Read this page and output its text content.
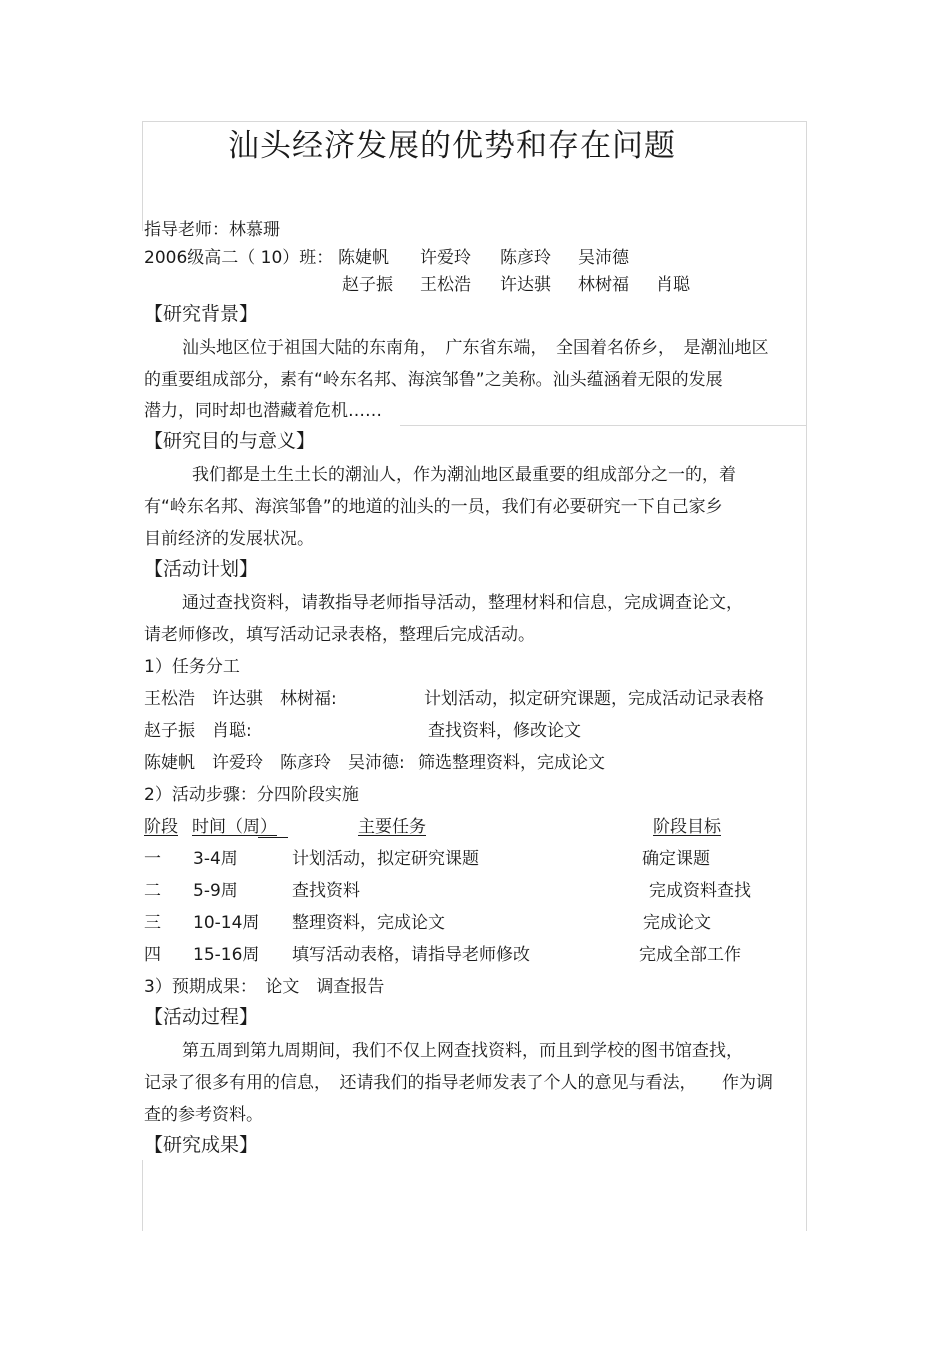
汕头经济发展的优势和存在问题
指导老师：林慕珊
2006级高二（ 10）班： 陈婕帆 许爱玲 陈彦玲 吴沛德
赵子振 王松浩 许达骐 林树福 肖聪
【研究背景】
汕头地区位于祖国大陆的东南角，　广东省东端，　全国着名侨乡，　是潮汕地区
的重要组成部分，素有“岭东名邦、海滨邹鲁”之美称。汕头蕴涵着无限的发展
潜力，同时却也潜藏着危机……
【研究目的与意义】
我们都是土生土长的潮汕人，作为潮汕地区最重要的组成部分之一的，着
有“岭东名邦、海滨邹鲁”的地道的汕头的一员，我们有必要研究一下自己家乡
目前经济的发展状况。
【活动计划】
通过查找资料，请教指导老师指导活动，整理材料和信息，完成调查论文，
请老师修改，填写活动记录表格，整理后完成活动。
1）任务分工
王松浩　许达骐　林树福:	计划活动，拟定研究课题，完成活动记录表格
赵子振　肖聪:	查找资料，修改论文
陈婕帆　许爱玲　陈彦玲　吴沛德: 筛选整理资料，完成论文
2）活动步骤：分四阶段实施
阶段 时间（周）	主要任务	阶段目标
一 3-4周	计划活动，拟定研究课题	确定课题
二 5-9周	查找资料	完成资料查找
三 10-14周 整理资料，完成论文	完成论文
四 15-16周 填写活动表格，请指导老师修改	完成全部工作
3）预期成果：　论文　调查报告
【活动过程】
第五周到第九周期间，我们不仅上网查找资料，而且到学校的图书馆查找，
记录了很多有用的信息，　还请我们的指导老师发表了个人的意见与看法，　　作为调
查的参考资料。
【研究成果】
